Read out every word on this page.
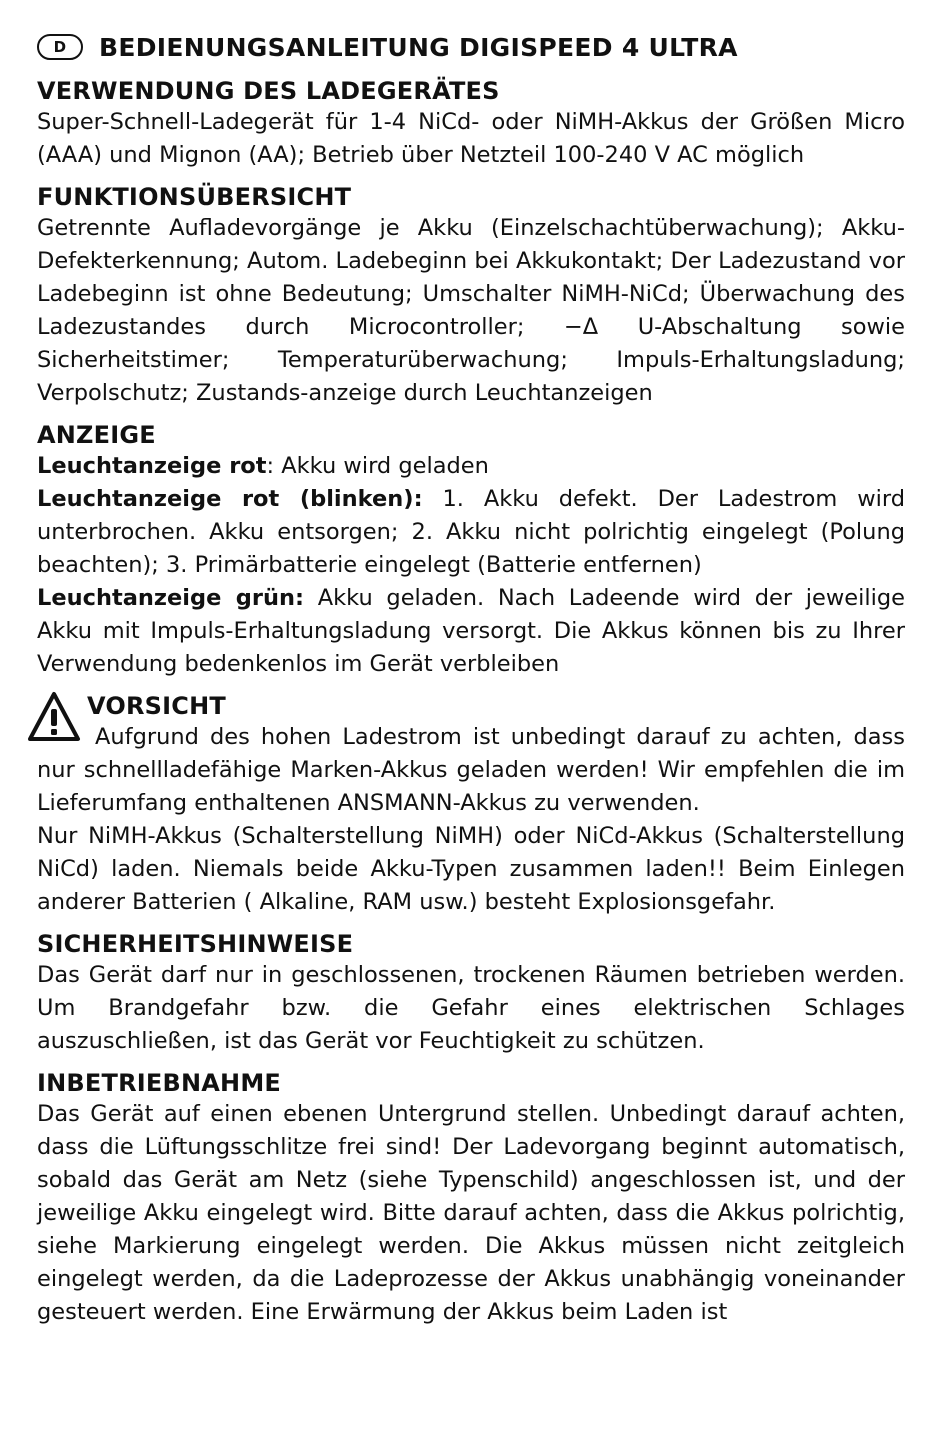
D	BEDIENUNGSANLEITUNG DIGISPEED 4 ULTRA
VERWENDUNG DES LADEGERÄTES

Super-Schnell-Ladegerät für 1-4 NiCd- oder NiMH-Akkus der Größen Micro (AAA) und Mignon (AA); Betrieb über Netzteil 100-240 V AC möglich

FUNKTIONSÜBERSICHT

Getrennte Aufladevorgänge je Akku (Einzelschachtüberwachung); Akku-Defekterkennung; Autom. Ladebeginn bei Akkukontakt; Der Ladezustand vor Ladebeginn ist ohne Bedeutung; Umschalter NiMH-NiCd; Überwachung des Ladezustandes durch Microcontroller; −Δ U-Abschaltung sowie Sicherheitstimer; Temperaturüberwachung; Impuls-Erhaltungsladung; Verpolschutz; Zustands-anzeige durch Leuchtanzeigen

ANZEIGE

Leuchtanzeige rot: Akku wird geladen

Leuchtanzeige rot (blinken): 1. Akku defekt. Der Ladestrom wird unterbrochen. Akku entsorgen; 2. Akku nicht polrichtig eingelegt (Polung beachten); 3. Primärbatterie eingelegt (Batterie entfernen)

Leuchtanzeige grün: Akku geladen. Nach Ladeende wird der jeweilige Akku mit Impuls-Erhaltungsladung versorgt. Die Akkus können bis zu Ihrer Verwendung bedenkenlos im Gerät verbleiben

VORSICHT

Aufgrund des hohen Ladestrom ist unbedingt darauf zu achten, dass nur schnellladefähige Marken-Akkus geladen werden! Wir empfehlen die im Lieferumfang enthaltenen ANSMANN-Akkus zu verwenden.

Nur NiMH-Akkus (Schalterstellung NiMH) oder NiCd-Akkus (Schalterstellung NiCd) laden. Niemals beide Akku-Typen zusammen laden!! Beim Einlegen anderer Batterien ( Alkaline, RAM usw.) besteht Explosionsgefahr.

SICHERHEITSHINWEISE

Das Gerät darf nur in geschlossenen, trockenen Räumen betrieben werden. Um Brandgefahr bzw. die Gefahr eines elektrischen Schlages auszuschließen, ist das Gerät vor Feuchtigkeit zu schützen.

INBETRIEBNAHME

Das Gerät auf einen ebenen Untergrund stellen. Unbedingt darauf achten, dass die Lüftungsschlitze frei sind! Der Ladevorgang beginnt automatisch, sobald das Gerät am Netz (siehe Typenschild) angeschlossen ist, und der jeweilige Akku eingelegt wird. Bitte darauf achten, dass die Akkus polrichtig, siehe Markierung eingelegt werden. Die Akkus müssen nicht zeitgleich eingelegt werden, da die Ladeprozesse der Akkus unabhängig voneinander gesteuert werden. Eine Erwärmung der Akkus beim Laden ist
